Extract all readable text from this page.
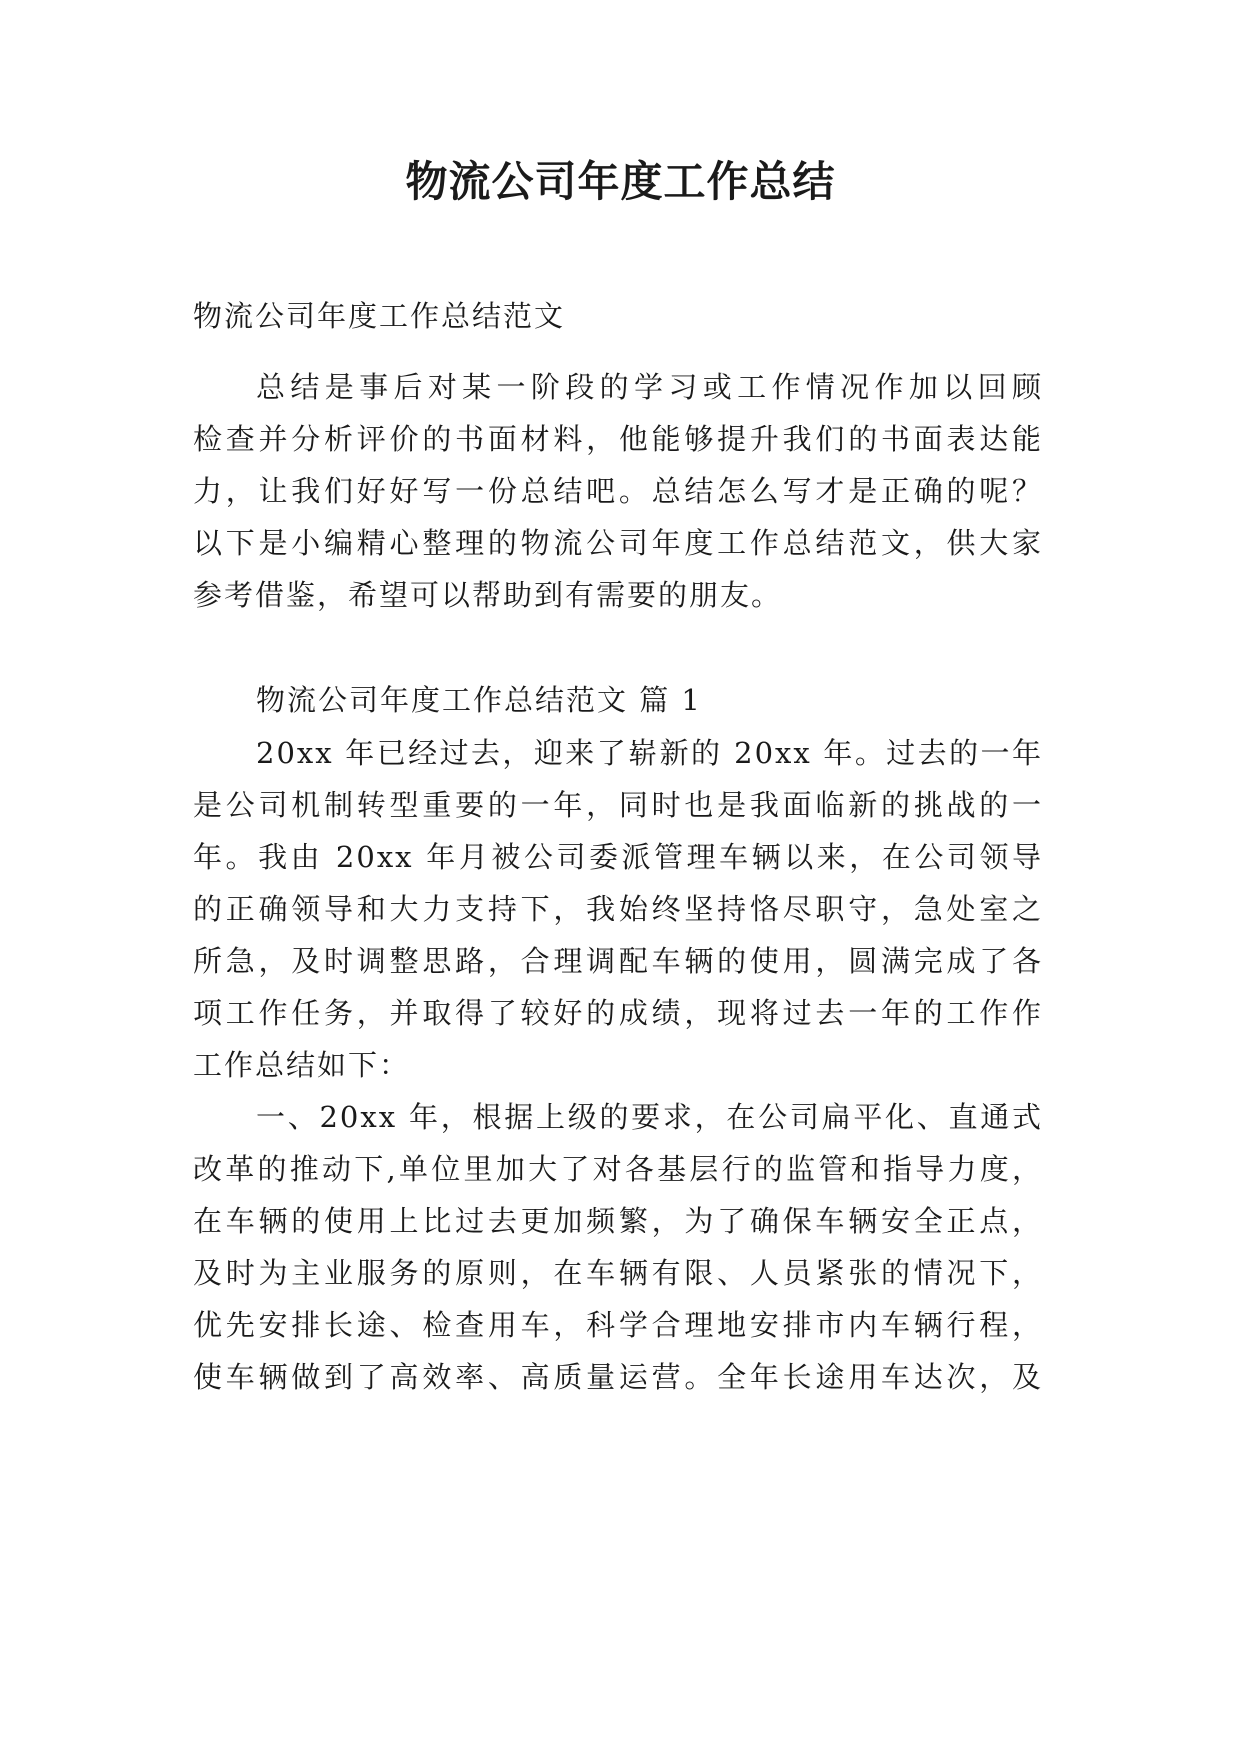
物流公司年度工作总结
物流公司年度工作总结范文
总结是事后对某一阶段的学习或工作情况作加以回顾
检查并分析评价的书面材料，他能够提升我们的书面表达能
力，让我们好好写一份总结吧。总结怎么写才是正确的呢？
以下是小编精心整理的物流公司年度工作总结范文，供大家
参考借鉴，希望可以帮助到有需要的朋友。
物流公司年度工作总结范文 篇 1
20xx 年已经过去，迎来了崭新的 20xx 年。过去的一年
是公司机制转型重要的一年，同时也是我面临新的挑战的一
年。我由 20xx 年月被公司委派管理车辆以来，在公司领导
的正确领导和大力支持下，我始终坚持恪尽职守，急处室之
所急，及时调整思路，合理调配车辆的使用，圆满完成了各
项工作任务，并取得了较好的成绩，现将过去一年的工作作
工作总结如下：
一、20xx 年，根据上级的要求，在公司扁平化、直通式
改革的推动下,单位里加大了对各基层行的监管和指导力度，
在车辆的使用上比过去更加频繁，为了确保车辆安全正点，
及时为主业服务的原则，在车辆有限、人员紧张的情况下，
优先安排长途、检查用车，科学合理地安排市内车辆行程，
使车辆做到了高效率、高质量运营。全年长途用车达次，及
